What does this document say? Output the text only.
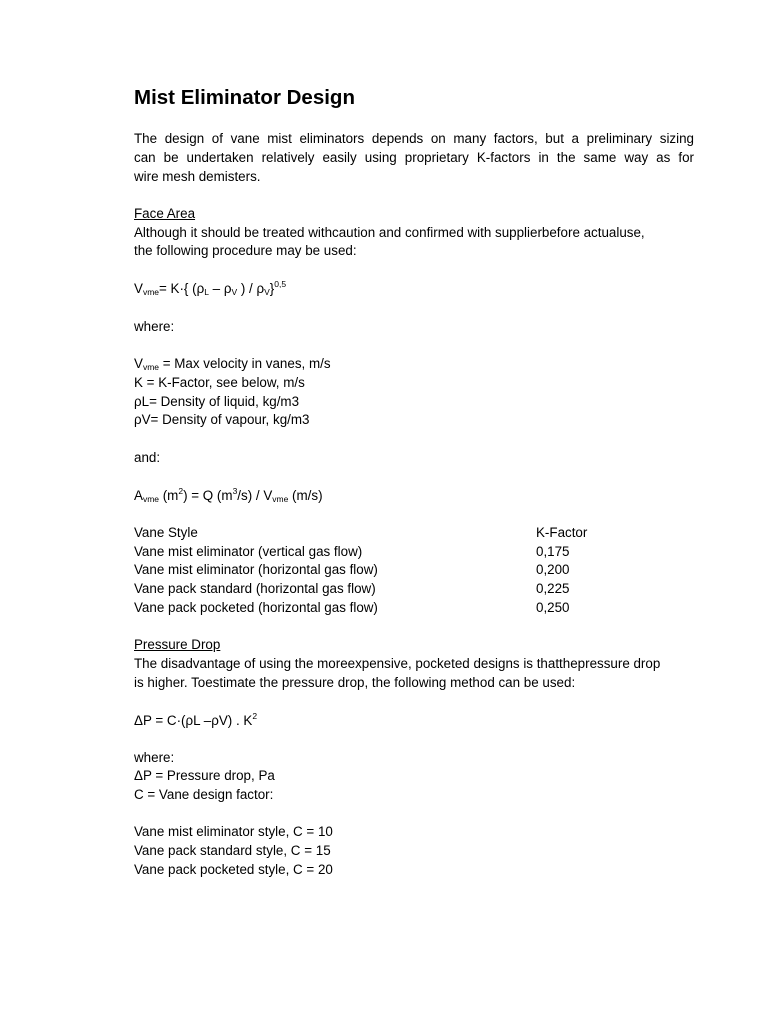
Mist Eliminator Design
The design of vane mist eliminators depends on many factors, but a preliminary sizing
can be undertaken relatively easily using proprietary K-factors in the same way as for
wire mesh demisters.
Face Area
Although it should be treated withcaution and confirmed with supplierbefore actualuse,
the following procedure may be used:
$V_{vme}= K\cdot${ ($\rho_L - \rho_V$ ) / $\rho_V\}^{0,5}$
where:
$V_{vme}$ = Max velocity in vanes, m/s
K = K-Factor, see below, m/s
ρL= Density of liquid, kg/m3
ρV= Density of vapour, kg/m3
and:
$A_{vme}$ $(m^2) = Q$ $(m^3/s) / V_{vme}$ (m/s)
Vane Style	K-Factor
Vane mist eliminator (vertical gas flow)	0,175
Vane mist eliminator (horizontal gas flow)	0,200
Vane pack standard (horizontal gas flow)	0,225
Vane pack pocketed (horizontal gas flow)	0,250
Pressure Drop
The disadvantage of using the moreexpensive, pocketed designs is thatthepressure drop
is higher. Toestimate the pressure drop, the following method can be used:
ΔP = C·(ρL –ρV) . $K^2$
where:
ΔP = Pressure drop, Pa
C = Vane design factor:
Vane mist eliminator style, C = 10
Vane pack standard style, C = 15
Vane pack pocketed style, C = 20
